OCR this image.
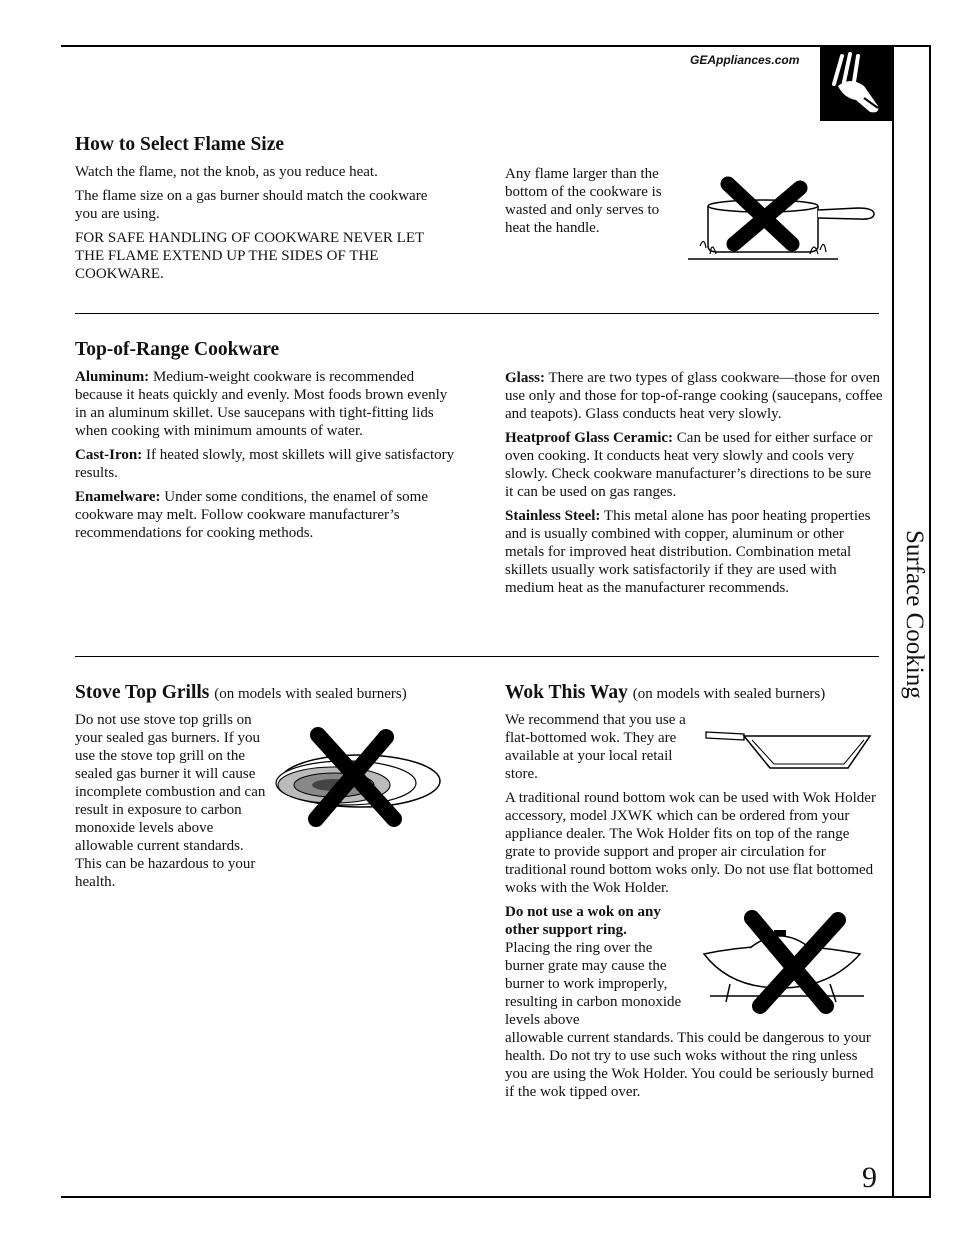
GEAppliances.com
Surface Cooking
9
How to Select Flame Size

Watch the flame, not the knob, as you reduce heat.

The flame size on a gas burner should match the cookware you are using.

FOR SAFE HANDLING OF COOKWARE NEVER LET THE FLAME EXTEND UP THE SIDES OF THE COOKWARE.

Any flame larger than the bottom of the cookware is wasted and only serves to heat the handle.

Top-of-Range Cookware

Aluminum: Medium-weight cookware is recommended because it heats quickly and evenly. Most foods brown evenly in an aluminum skillet. Use saucepans with tight-fitting lids when cooking with minimum amounts of water.

Cast-Iron: If heated slowly, most skillets will give satisfactory results.

Enamelware: Under some conditions, the enamel of some cookware may melt. Follow cookware manufacturer’s recommendations for cooking methods.

Glass: There are two types of glass cookware—those for oven use only and those for top-of-range cooking (saucepans, coffee and teapots). Glass conducts heat very slowly.

Heatproof Glass Ceramic: Can be used for either surface or oven cooking. It conducts heat very slowly and cools very slowly. Check cookware manufacturer’s directions to be sure it can be used on gas ranges.

Stainless Steel: This metal alone has poor heating properties and is usually combined with copper, aluminum or other metals for improved heat distribution. Combination metal skillets usually work satisfactorily if they are used with medium heat as the manufacturer recommends.

Stove Top Grills (on models with sealed burners)

Do not use stove top grills on your sealed gas burners. If you use the stove top grill on the sealed gas burner it will cause incomplete combustion and can result in exposure to carbon monoxide levels above allowable current standards. This can be hazardous to your health.

Wok This Way (on models with sealed burners)

We recommend that you use a flat-bottomed wok. They are available at your local retail store.

A traditional round bottom wok can be used with Wok Holder accessory, model JXWK which can be ordered from your appliance dealer. The Wok Holder fits on top of the range grate to provide support and proper air circulation for traditional round bottom woks only. Do not use flat bottomed woks with the Wok Holder.

Do not use a wok on any other support ring.

Placing the ring over the burner grate may cause the burner to work improperly, resulting in carbon monoxide levels above

allowable current standards. This could be dangerous to your health. Do not try to use such woks without the ring unless you are using the Wok Holder. You could be seriously burned if the wok tipped over.
